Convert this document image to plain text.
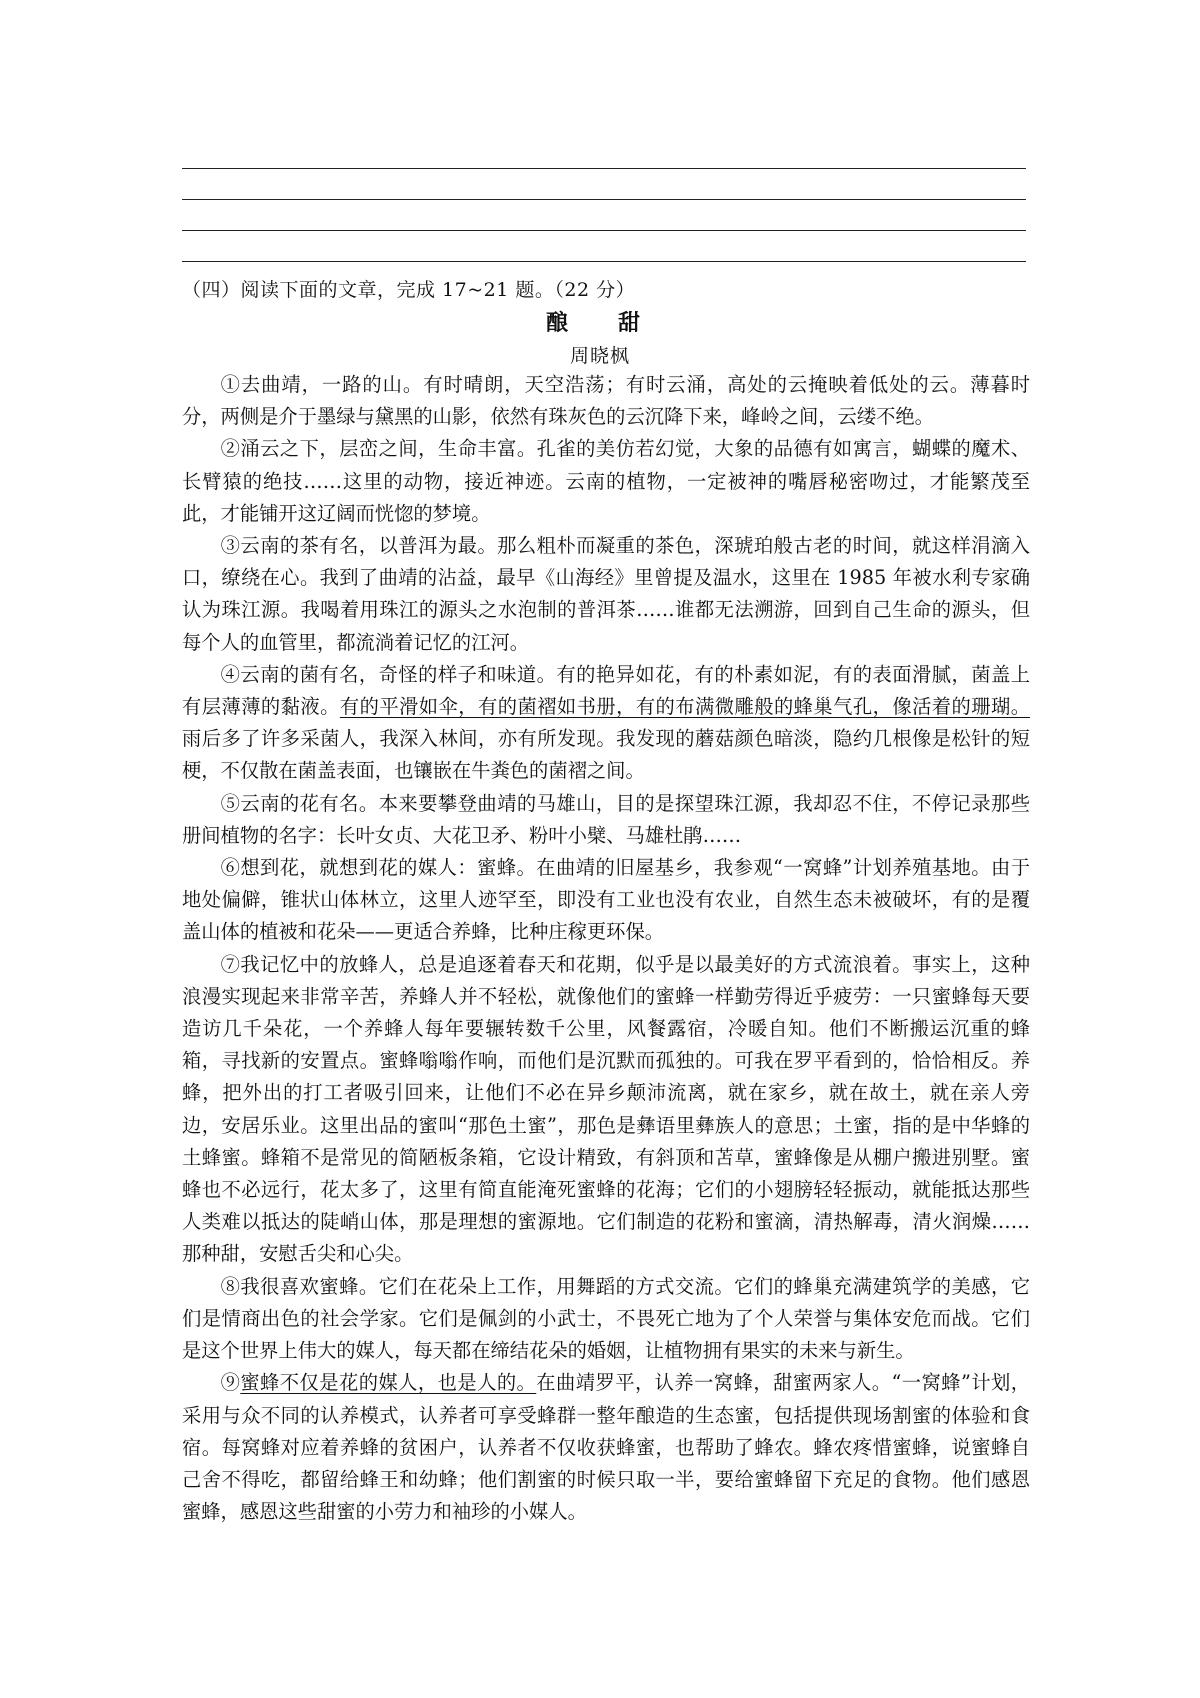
（四）阅读下面的文章，完成 17~21 题。（22 分）
酿　甜
周晓枫

①去曲靖，一路的山。有时晴朗，天空浩荡；有时云涌，高处的云掩映着低处的云。薄暮时分，两侧是介于墨绿与黛黑的山影，依然有珠灰色的云沉降下来，峰岭之间，云缕不绝。

②涌云之下，层峦之间，生命丰富。孔雀的美仿若幻觉，大象的品德有如寓言，蝴蝶的魔术、长臂猿的绝技……这里的动物，接近神迹。云南的植物，一定被神的嘴唇秘密吻过，才能繁茂至此，才能铺开这辽阔而恍惚的梦境。

③云南的茶有名，以普洱为最。那么粗朴而凝重的茶色，深琥珀般古老的时间，就这样涓滴入口，缭绕在心。我到了曲靖的沾益，最早《山海经》里曾提及温水，这里在 1985 年被水利专家确认为珠江源。我喝着用珠江的源头之水泡制的普洱茶……谁都无法溯游，回到自己生命的源头，但每个人的血管里，都流淌着记忆的江河。

④云南的菌有名，奇怪的样子和味道。有的艳异如花，有的朴素如泥，有的表面滑腻，菌盖上有层薄薄的黏液。有的平滑如伞，有的菌褶如书册，有的布满微雕般的蜂巢气孔，像活着的珊瑚。雨后多了许多采菌人，我深入林间，亦有所发现。我发现的蘑菇颜色暗淡，隐约几根像是松针的短梗，不仅散在菌盖表面，也镶嵌在牛粪色的菌褶之间。

⑤云南的花有名。本来要攀登曲靖的马雄山，目的是探望珠江源，我却忍不住，不停记录那些册间植物的名字：长叶女贞、大花卫矛、粉叶小檗、马雄杜鹃……

⑥想到花，就想到花的媒人：蜜蜂。在曲靖的旧屋基乡，我参观“一窝蜂”计划养殖基地。由于地处偏僻，锥状山体林立，这里人迹罕至，即没有工业也没有农业，自然生态未被破坏，有的是覆盖山体的植被和花朵——更适合养蜂，比种庄稼更环保。

⑦我记忆中的放蜂人，总是追逐着春天和花期，似乎是以最美好的方式流浪着。事实上，这种浪漫实现起来非常辛苦，养蜂人并不轻松，就像他们的蜜蜂一样勤劳得近乎疲劳：一只蜜蜂每天要造访几千朵花，一个养蜂人每年要辗转数千公里，风餐露宿，冷暖自知。他们不断搬运沉重的蜂箱，寻找新的安置点。蜜蜂嗡嗡作响，而他们是沉默而孤独的。可我在罗平看到的，恰恰相反。养蜂，把外出的打工者吸引回来，让他们不必在异乡颠沛流离，就在家乡，就在故土，就在亲人旁边，安居乐业。这里出品的蜜叫“那色土蜜”，那色是彝语里彝族人的意思；土蜜，指的是中华蜂的土蜂蜜。蜂箱不是常见的简陋板条箱，它设计精致，有斜顶和苫草，蜜蜂像是从棚户搬进别墅。蜜蜂也不必远行，花太多了，这里有简直能淹死蜜蜂的花海；它们的小翅膀轻轻振动，就能抵达那些人类难以抵达的陡峭山体，那是理想的蜜源地。它们制造的花粉和蜜滴，清热解毒，清火润燥……那种甜，安慰舌尖和心尖。

⑧我很喜欢蜜蜂。它们在花朵上工作，用舞蹈的方式交流。它们的蜂巢充满建筑学的美感，它们是情商出色的社会学家。它们是佩剑的小武士，不畏死亡地为了个人荣誉与集体安危而战。它们是这个世界上伟大的媒人，每天都在缔结花朵的婚姻，让植物拥有果实的未来与新生。

⑨蜜蜂不仅是花的媒人，也是人的。在曲靖罗平，认养一窝蜂，甜蜜两家人。“一窝蜂”计划，采用与众不同的认养模式，认养者可享受蜂群一整年酿造的生态蜜，包括提供现场割蜜的体验和食宿。每窝蜂对应着养蜂的贫困户，认养者不仅收获蜂蜜，也帮助了蜂农。蜂农疼惜蜜蜂，说蜜蜂自己舍不得吃，都留给蜂王和幼蜂；他们割蜜的时候只取一半，要给蜜蜂留下充足的食物。他们感恩蜜蜂，感恩这些甜蜜的小劳力和袖珍的小媒人。
